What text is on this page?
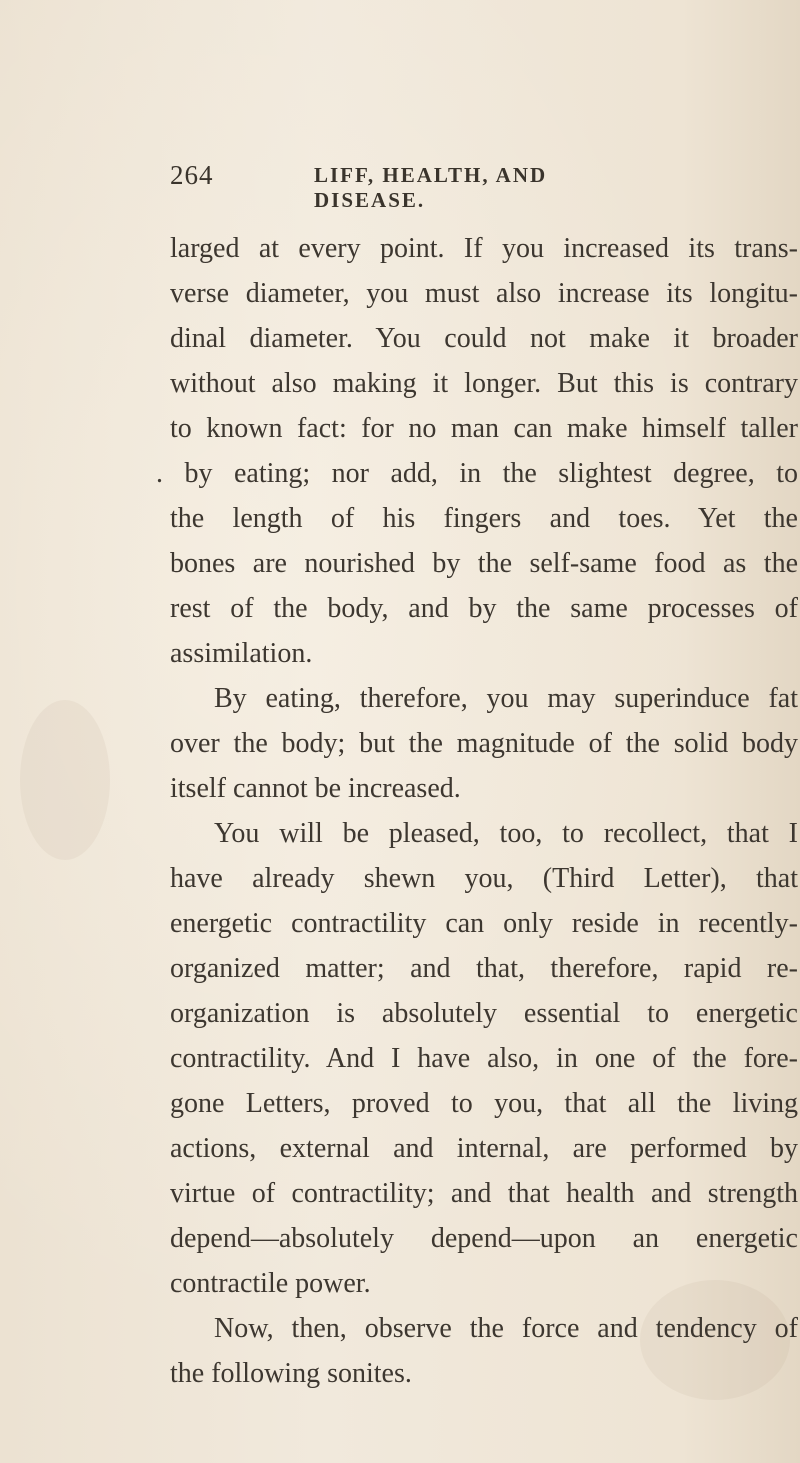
264	LIFF, HEALTH, AND DISEASE.
larged at every point. If you increased its trans-
verse diameter, you must also increase its longitu-
dinal diameter. You could not make it broader
without also making it longer. But this is contrary
to known fact: for no man can make himself taller
. by eating; nor add, in the slightest degree, to
the length of his fingers and toes. Yet the
bones are nourished by the self-same food as the
rest of the body, and by the same processes of
assimilation.
By eating, therefore, you may superinduce fat
over the body; but the magnitude of the solid body
itself cannot be increased.
You will be pleased, too, to recollect, that I
have already shewn you, (Third Letter), that
energetic contractility can only reside in recently-
organized matter; and that, therefore, rapid re-
organization is absolutely essential to energetic
contractility. And I have also, in one of the fore-
gone Letters, proved to you, that all the living
actions, external and internal, are performed by
virtue of contractility; and that health and strength
depend—absolutely depend—upon an energetic
contractile power.
Now, then, observe the force and tendency of
the following sonites.
